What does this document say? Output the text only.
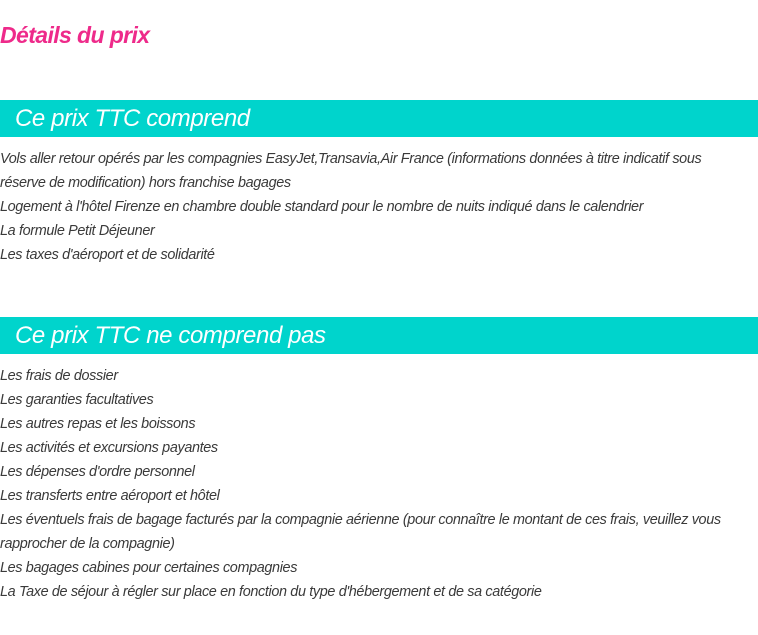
Détails du prix
Ce prix TTC comprend
Vols aller retour opérés par les compagnies EasyJet,Transavia,Air France (informations données à titre indicatif sous réserve de modification) hors franchise bagages
Logement à l'hôtel Firenze en chambre double standard pour le nombre de nuits indiqué dans le calendrier
La formule Petit Déjeuner
Les taxes d'aéroport et de solidarité
Ce prix TTC ne comprend pas
Les frais de dossier
Les garanties facultatives
Les autres repas et les boissons
Les activités et excursions payantes
Les dépenses d'ordre personnel
Les transferts entre aéroport et hôtel
Les éventuels frais de bagage facturés par la compagnie aérienne (pour connaître le montant de ces frais, veuillez vous rapprocher de la compagnie)
Les bagages cabines pour certaines compagnies
La Taxe de séjour à régler sur place en fonction du type d'hébergement et de sa catégorie
